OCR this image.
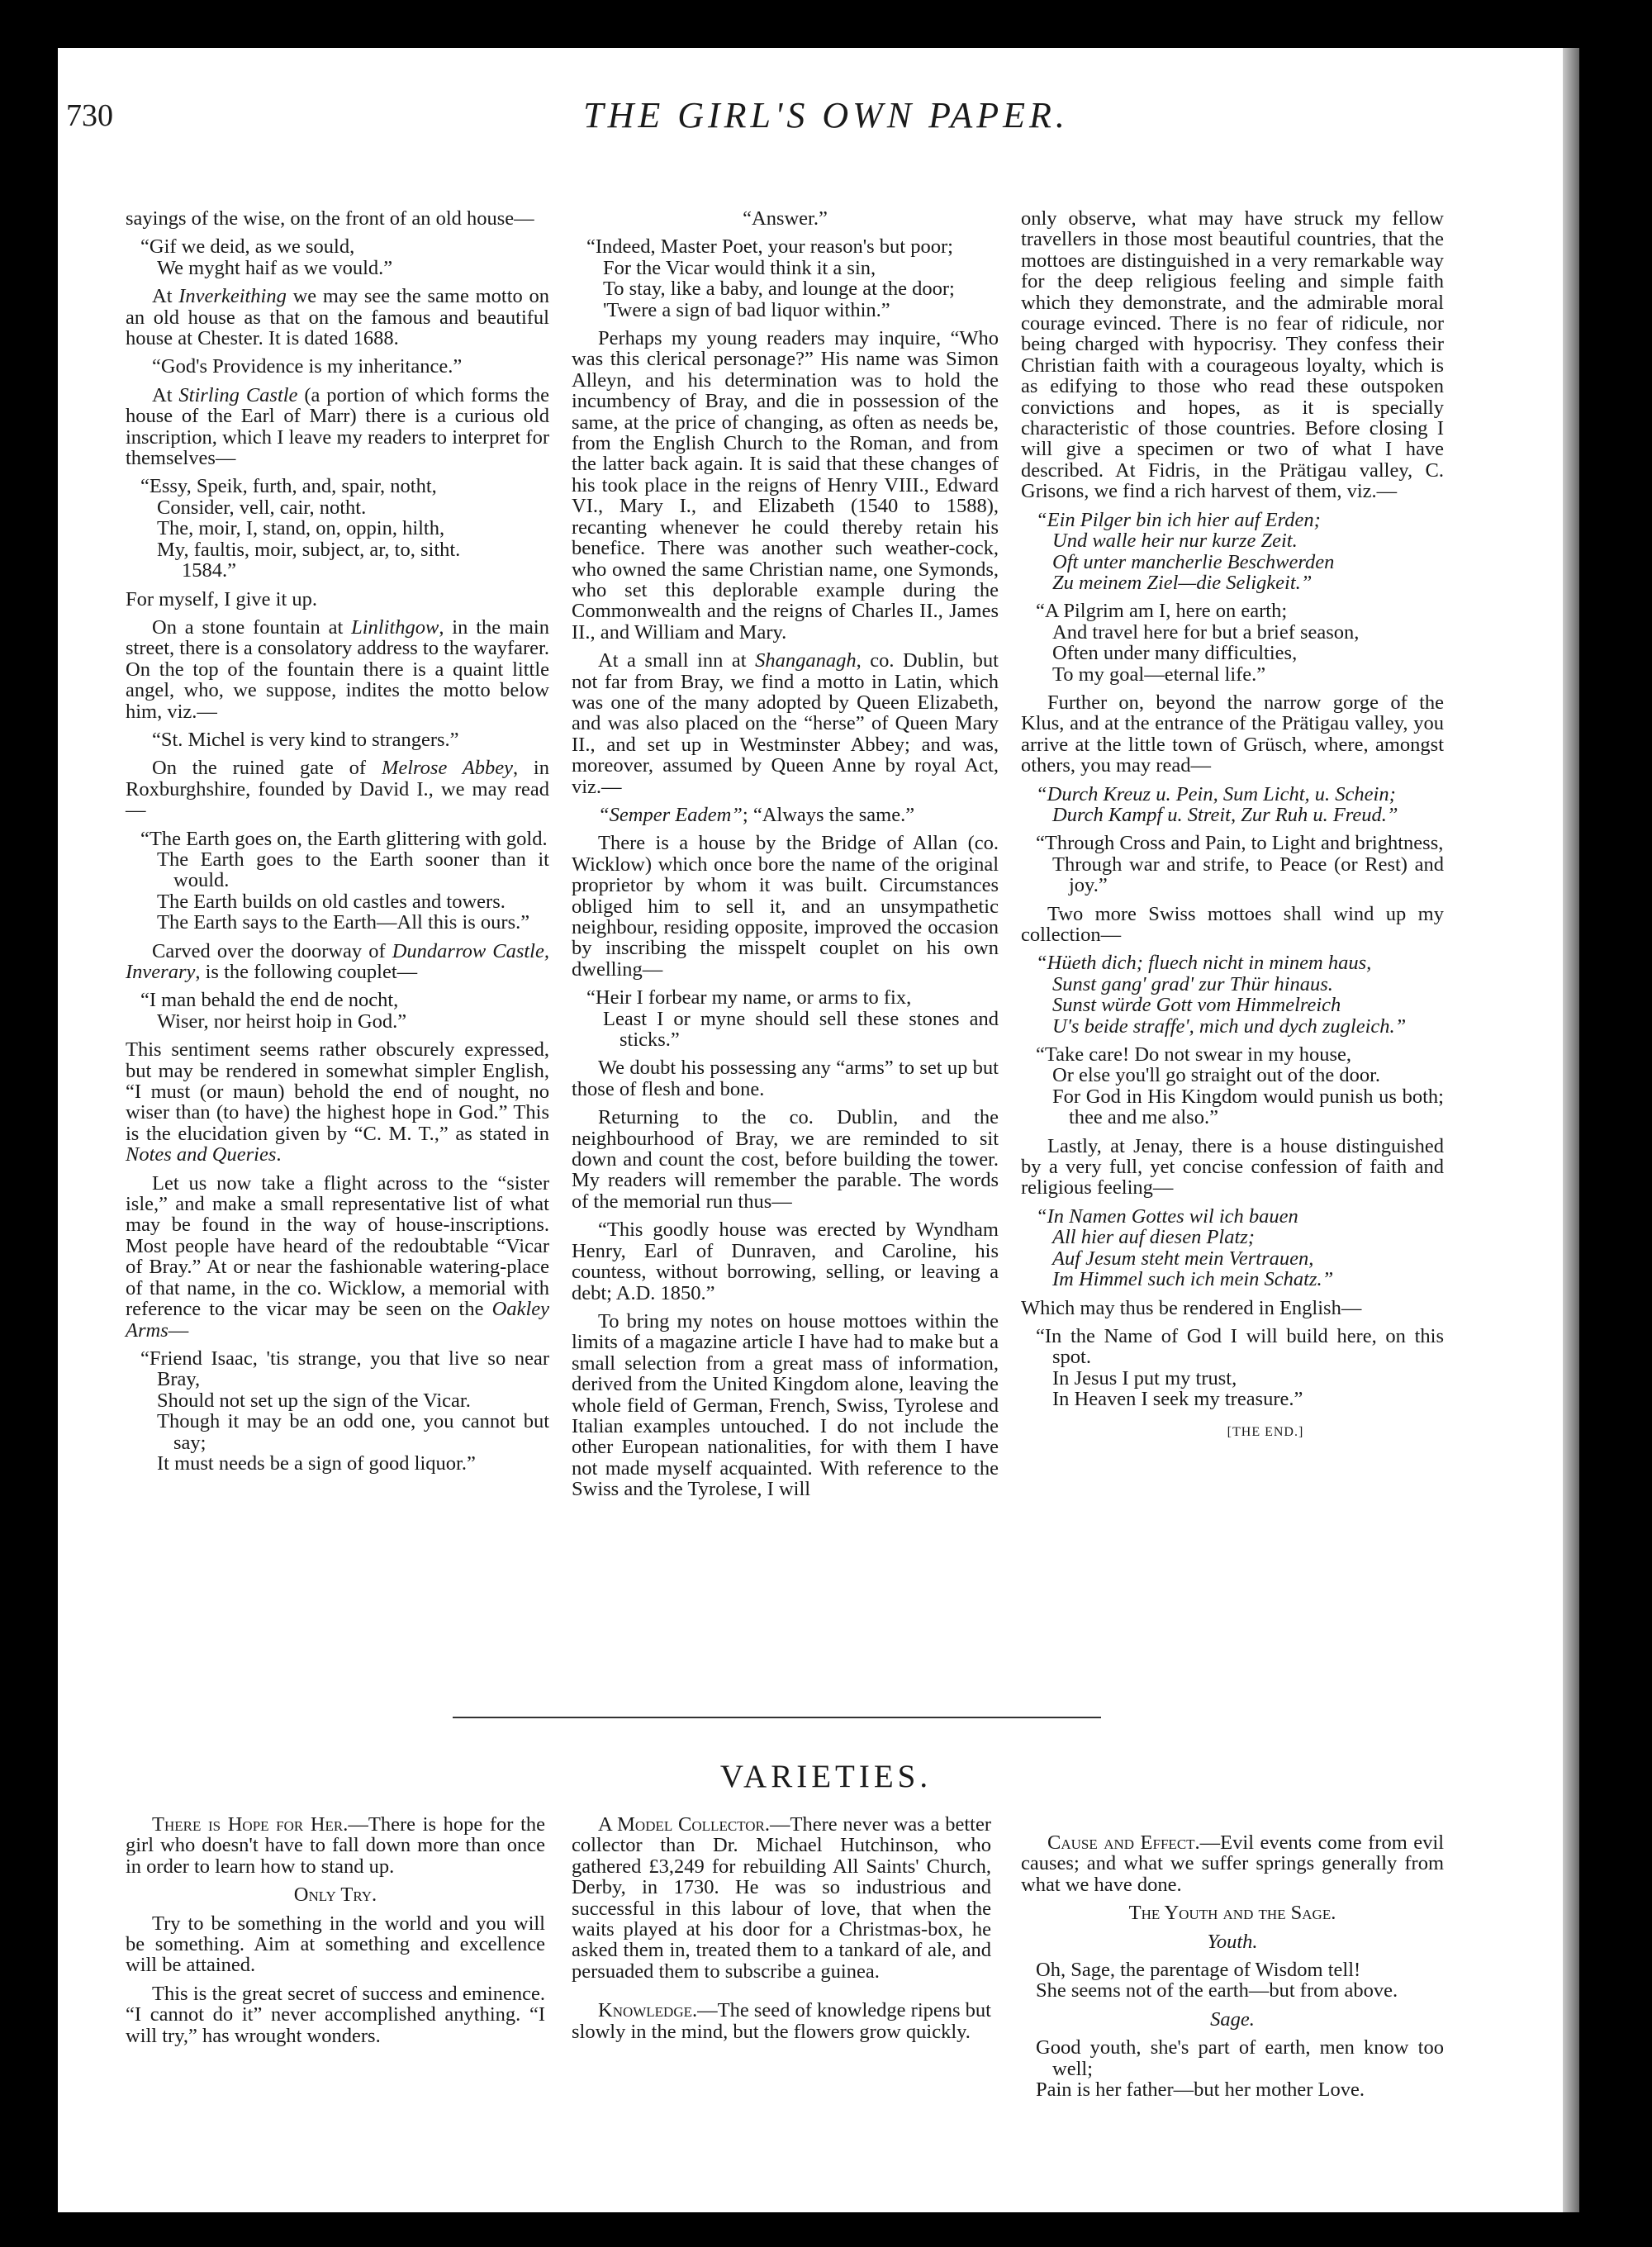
730	THE GIRL'S OWN PAPER.

sayings of the wise, on the front of an old house—

“Gif we deid, as we sould,
We myght haif as we vould.”

At Inverkeithing we may see the same motto on an old house as that on the famous and beautiful house at Chester. It is dated 1688.

“God's Providence is my inheritance.”

At Stirling Castle (a portion of which forms the house of the Earl of Marr) there is a curious old inscription, which I leave my readers to interpret for themselves—

“Essy, Speik, furth, and, spair, notht,
Consider, vell, cair, notht.
The, moir, I, stand, on, oppin, hilth,
My, faultis, moir, subject, ar, to, sitht.
1584.”

For myself, I give it up.

On a stone fountain at Linlithgow, in the main street, there is a consolatory address to the wayfarer. On the top of the fountain there is a quaint little angel, who, we suppose, indites the motto below him, viz.—

“St. Michel is very kind to strangers.”

On the ruined gate of Melrose Abbey, in Roxburghshire, founded by David I., we may read—

“The Earth goes on, the Earth glittering with gold.
The Earth goes to the Earth sooner than it would.
The Earth builds on old castles and towers.
The Earth says to the Earth—All this is ours.”

Carved over the doorway of Dundarrow Castle, Inverary, is the following couplet—

“I man behald the end de nocht,
Wiser, nor heirst hoip in God.”

This sentiment seems rather obscurely expressed, but may be rendered in somewhat simpler English, “I must (or maun) behold the end of nought, no wiser than (to have) the highest hope in God.” This is the elucidation given by “C. M. T.,” as stated in Notes and Queries.

Let us now take a flight across to the “sister isle,” and make a small representative list of what may be found in the way of house-inscriptions. Most people have heard of the redoubtable “Vicar of Bray.” At or near the fashionable watering-place of that name, in the co. Wicklow, a memorial with reference to the vicar may be seen on the Oakley Arms—

“Friend Isaac, 'tis strange, you that live so near Bray,
Should not set up the sign of the Vicar.
Though it may be an odd one, you cannot but say;
It must needs be a sign of good liquor.”

“Answer.”

“Indeed, Master Poet, your reason's but poor;
For the Vicar would think it a sin,
To stay, like a baby, and lounge at the door;
'Twere a sign of bad liquor within.”

Perhaps my young readers may inquire, “Who was this clerical personage?” His name was Simon Alleyn, and his determination was to hold the incumbency of Bray, and die in possession of the same, at the price of changing, as often as needs be, from the English Church to the Roman, and from the latter back again. It is said that these changes of his took place in the reigns of Henry VIII., Edward VI., Mary I., and Elizabeth (1540 to 1588), recanting whenever he could thereby retain his benefice. There was another such weather-cock, who owned the same Christian name, one Symonds, who set this deplorable example during the Commonwealth and the reigns of Charles II., James II., and William and Mary.

At a small inn at Shanganagh, co. Dublin, but not far from Bray, we find a motto in Latin, which was one of the many adopted by Queen Elizabeth, and was also placed on the “herse” of Queen Mary II., and set up in Westminster Abbey; and was, moreover, assumed by Queen Anne by royal Act, viz.—

“Semper Eadem”; “Always the same.”

There is a house by the Bridge of Allan (co. Wicklow) which once bore the name of the original proprietor by whom it was built. Circumstances obliged him to sell it, and an unsympathetic neighbour, residing opposite, improved the occasion by inscribing the misspelt couplet on his own dwelling—

“Heir I forbear my name, or arms to fix,
Least I or myne should sell these stones and sticks.”

We doubt his possessing any “arms” to set up but those of flesh and bone.

Returning to the co. Dublin, and the neighbourhood of Bray, we are reminded to sit down and count the cost, before building the tower. My readers will remember the parable. The words of the memorial run thus—

“This goodly house was erected by Wyndham Henry, Earl of Dunraven, and Caroline, his countess, without borrowing, selling, or leaving a debt; A.D. 1850.”

To bring my notes on house mottoes within the limits of a magazine article I have had to make but a small selection from a great mass of information, derived from the United Kingdom alone, leaving the whole field of German, French, Swiss, Tyrolese and Italian examples untouched. I do not include the other European nationalities, for with them I have not made myself acquainted. With reference to the Swiss and the Tyrolese, I will

only observe, what may have struck my fellow travellers in those most beautiful countries, that the mottoes are distinguished in a very remarkable way for the deep religious feeling and simple faith which they demonstrate, and the admirable moral courage evinced. There is no fear of ridicule, nor being charged with hypocrisy. They confess their Christian faith with a courageous loyalty, which is as edifying to those who read these outspoken convictions and hopes, as it is specially characteristic of those countries. Before closing I will give a specimen or two of what I have described. At Fidris, in the Prätigau valley, C. Grisons, we find a rich harvest of them, viz.—

“Ein Pilger bin ich hier auf Erden;
Und walle heir nur kurze Zeit.
Oft unter mancherlie Beschwerden
Zu meinem Ziel—die Seligkeit.”
“A Pilgrim am I, here on earth;
And travel here for but a brief season,
Often under many difficulties,
To my goal—eternal life.”

Further on, beyond the narrow gorge of the Klus, and at the entrance of the Prätigau valley, you arrive at the little town of Grüsch, where, amongst others, you may read—

“Durch Kreuz u. Pein, Sum Licht, u. Schein;
Durch Kampf u. Streit, Zur Ruh u. Freud.”
“Through Cross and Pain, to Light and brightness,
Through war and strife, to Peace (or Rest) and joy.”

Two more Swiss mottoes shall wind up my collection—

“Hüeth dich; fluech nicht in minem haus,
Sunst gang' grad' zur Thür hinaus.
Sunst würde Gott vom Himmelreich
U's beide straffe', mich und dych zugleich.”
“Take care! Do not swear in my house,
Or else you'll go straight out of the door.
For God in His Kingdom would punish us both; thee and me also.”

Lastly, at Jenay, there is a house distinguished by a very full, yet concise confession of faith and religious feeling—

“In Namen Gottes wil ich bauen
All hier auf diesen Platz;
Auf Jesum steht mein Vertrauen,
Im Himmel such ich mein Schatz.”

Which may thus be rendered in English—

“In the Name of God I will build here, on this spot.
In Jesus I put my trust,
In Heaven I seek my treasure.”
[THE END.]
VARIETIES.

There is Hope for Her.—There is hope for the girl who doesn't have to fall down more than once in order to learn how to stand up.

Only Try.

Try to be something in the world and you will be something. Aim at something and excellence will be attained.

This is the great secret of success and eminence. “I cannot do it” never accomplished anything. “I will try,” has wrought wonders.

A Model Collector.—There never was a better collector than Dr. Michael Hutchinson, who gathered £3,249 for rebuilding All Saints' Church, Derby, in 1730. He was so industrious and successful in this labour of love, that when the waits played at his door for a Christmas-box, he asked them in, treated them to a tankard of ale, and persuaded them to subscribe a guinea.

Knowledge.—The seed of knowledge ripens but slowly in the mind, but the flowers grow quickly.

Cause and Effect.—Evil events come from evil causes; and what we suffer springs generally from what we have done.

The Youth and the Sage.

Youth.

Oh, Sage, the parentage of Wisdom tell!
She seems not of the earth—but from above.

Sage.

Good youth, she's part of earth, men know too well;
Pain is her father—but her mother Love.
